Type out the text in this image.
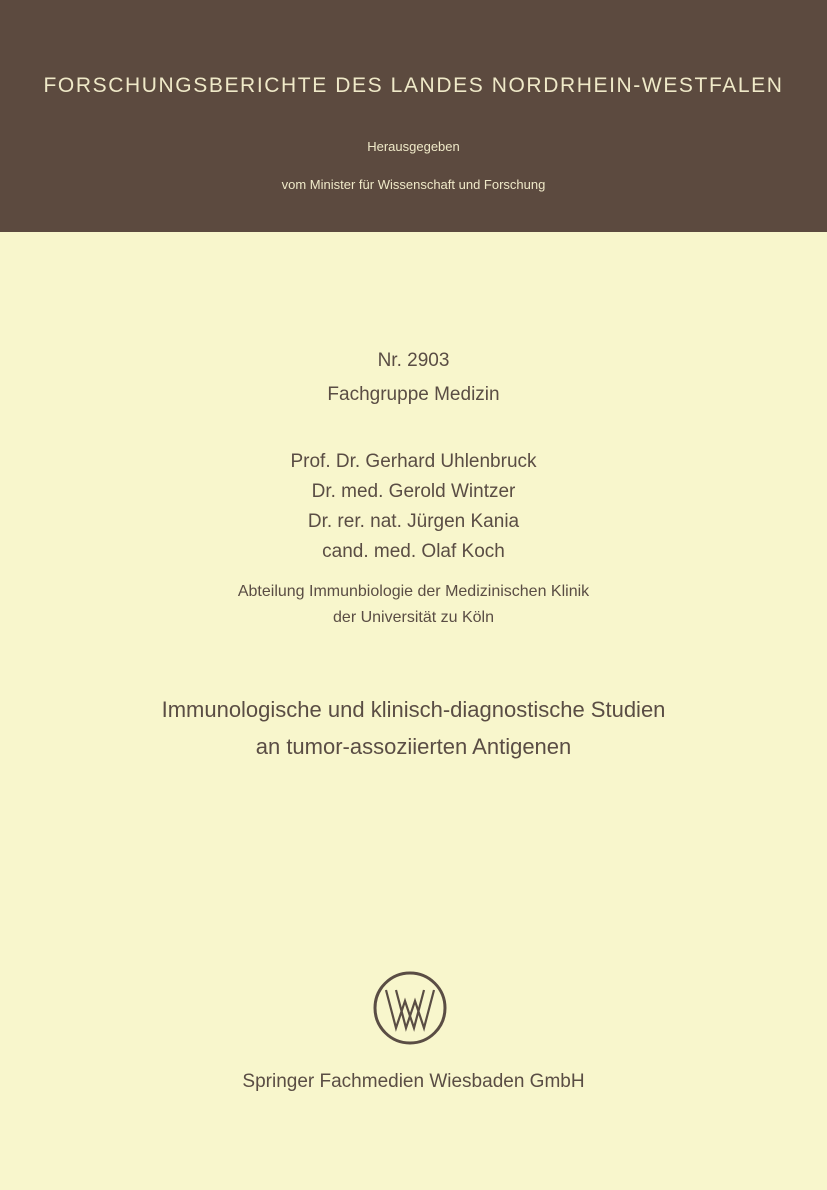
FORSCHUNGSBERICHTE DES LANDES NORDRHEIN-WESTFALEN
Herausgegeben
vom Minister für Wissenschaft und Forschung
Nr. 2903
Fachgruppe Medizin
Prof. Dr. Gerhard Uhlenbruck
Dr. med. Gerold Wintzer
Dr. rer. nat. Jürgen Kania
cand. med. Olaf Koch
Abteilung Immunbiologie der Medizinischen Klinik
der Universität zu Köln
Immunologische und klinisch-diagnostische Studien
an tumor-assoziierten Antigenen
Springer Fachmedien Wiesbaden GmbH
